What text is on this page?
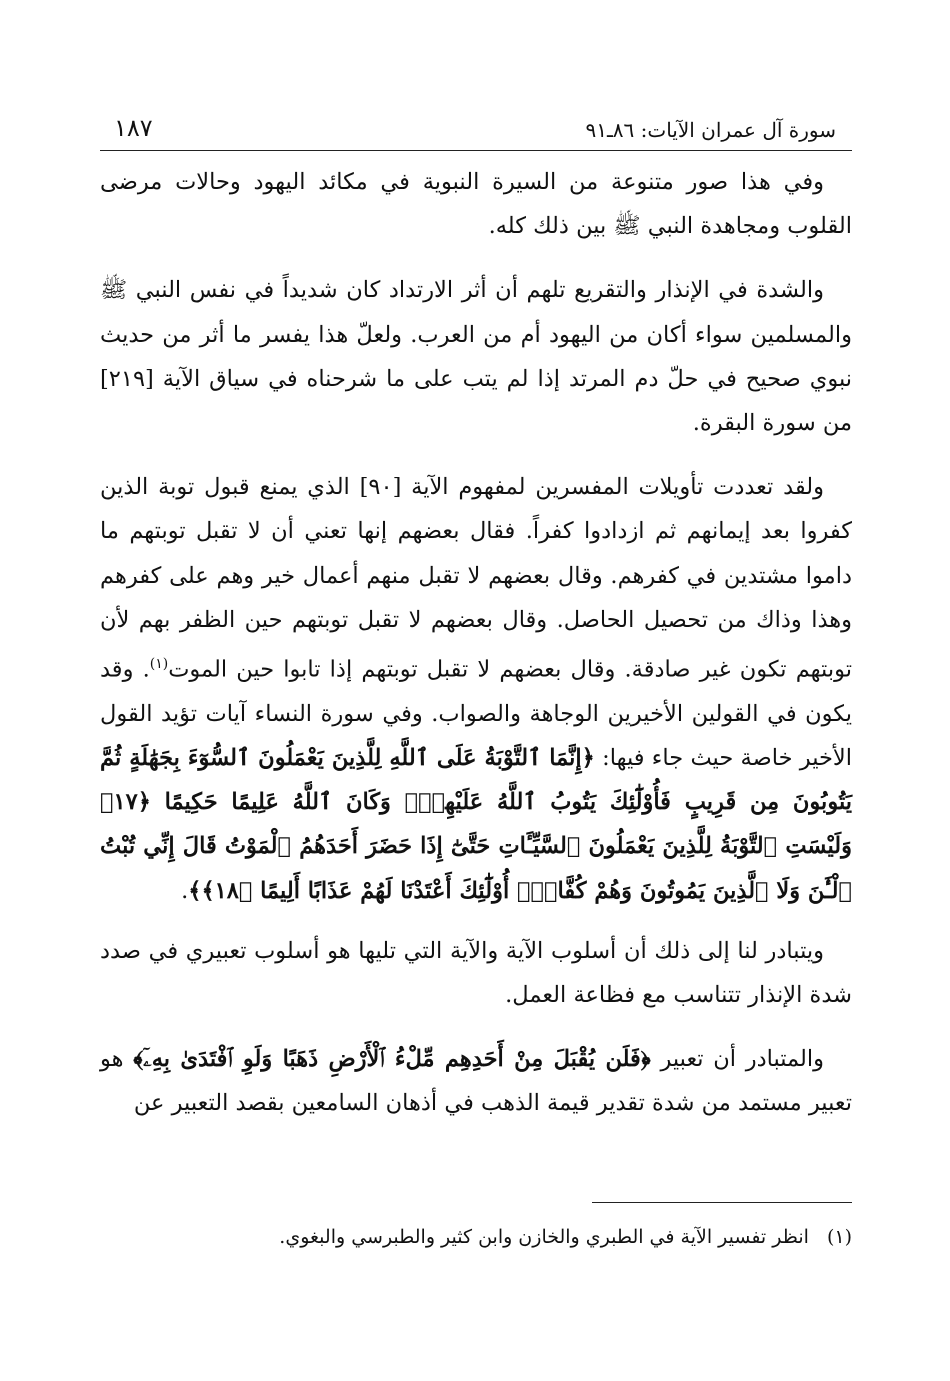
١٨٧	سورة آل عمران الآيات: ٨٦ـ٩١

وفي هذا صور متنوعة من السيرة النبوية في مكائد اليهود وحالات مرضى القلوب ومجاهدة النبي ﷺ بين ذلك كله.

والشدة في الإنذار والتقريع تلهم أن أثر الارتداد كان شديداً في نفس النبي ﷺ والمسلمين سواء أكان من اليهود أم من العرب. ولعلّ هذا يفسر ما أثر من حديث نبوي صحيح في حلّ دم المرتد إذا لم يتب على ما شرحناه في سياق الآية [٢١٩] من سورة البقرة.

ولقد تعددت تأويلات المفسرين لمفهوم الآية [٩٠] الذي يمنع قبول توبة الذين كفروا بعد إيمانهم ثم ازدادوا كفراً. فقال بعضهم إنها تعني أن لا تقبل توبتهم ما داموا مشتدين في كفرهم. وقال بعضهم لا تقبل منهم أعمال خير وهم على كفرهم وهذا وذاك من تحصيل الحاصل. وقال بعضهم لا تقبل توبتهم حين الظفر بهم لأن توبتهم تكون غير صادقة. وقال بعضهم لا تقبل توبتهم إذا تابوا حين الموت$^{(١)}$. وقد يكون في القولين الأخيرين الوجاهة والصواب. وفي سورة النساء آيات تؤيد القول الأخير خاصة حيث جاء فيها: ﴿إِنَّمَا ٱلتَّوْبَةُ عَلَى ٱللَّهِ لِلَّذِينَ يَعْمَلُونَ ٱلسُّوٓءَ بِجَهَٰلَةٍ ثُمَّ يَتُوبُونَ مِن قَرِيبٍ فَأُوْلَٰٓئِكَ يَتُوبُ ٱللَّهُ عَلَيْهِمْۗ وَكَانَ ٱللَّهُ عَلِيمًا حَكِيمًا ﴿١٧﴾ وَلَيْسَتِ ٱلتَّوْبَةُ لِلَّذِينَ يَعْمَلُونَ ٱلسَّيِّـَٔاتِ حَتَّىٰٓ إِذَا حَضَرَ أَحَدَهُمُ ٱلْمَوْتُ قَالَ إِنِّي تُبْتُ ٱلْـَٰٔنَ وَلَا ٱلَّذِينَ يَمُوتُونَ وَهُمْ كُفَّارٌۚ أُوْلَٰٓئِكَ أَعْتَدْنَا لَهُمْ عَذَابًا أَلِيمًا ﴿١٨﴾﴾.

ويتبادر لنا إلى ذلك أن أسلوب الآية والآية التي تليها هو أسلوب تعبيري في صدد شدة الإنذار تتناسب مع فظاعة العمل.

والمتبادر أن تعبير ﴿فَلَن يُقْبَلَ مِنْ أَحَدِهِم مِّلْءُ ٱلْأَرْضِ ذَهَبًا وَلَوِ ٱفْتَدَىٰ بِهِۦٓ﴾ هو تعبير مستمد من شدة تقدير قيمة الذهب في أذهان السامعين بقصد التعبير عن

(١) انظر تفسير الآية في الطبري والخازن وابن كثير والطبرسي والبغوي.
